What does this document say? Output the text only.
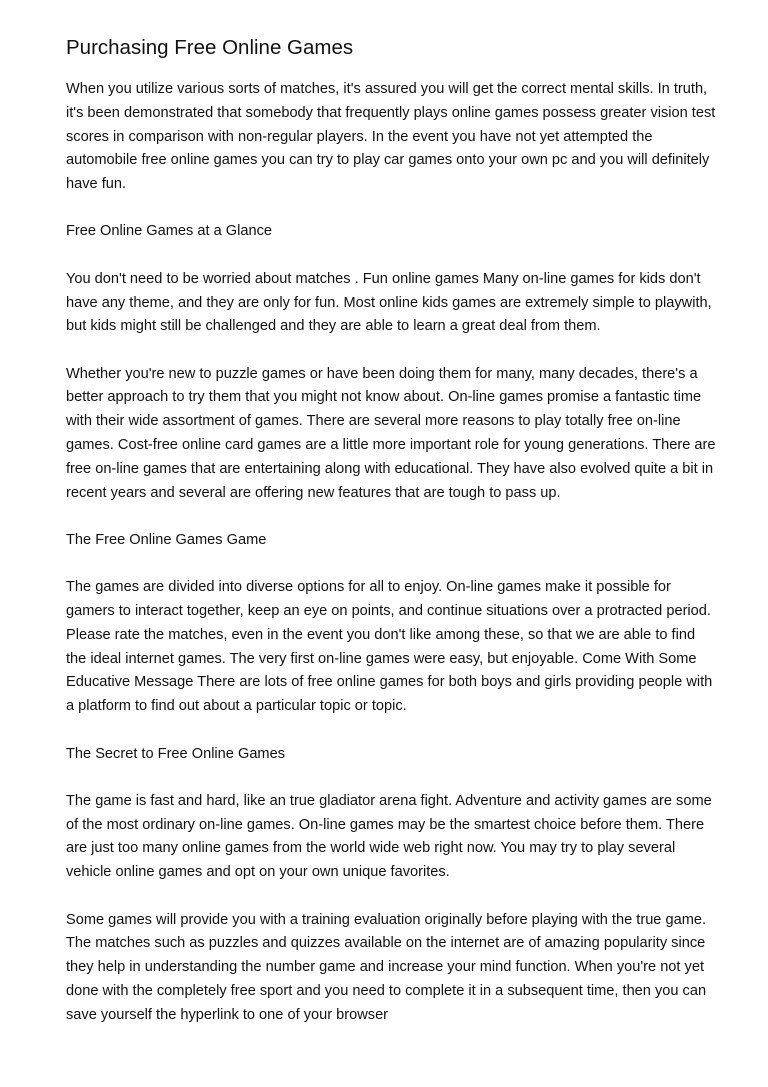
Purchasing Free Online Games

When you utilize various sorts of matches, it's assured you will get the correct mental skills. In truth, it's been demonstrated that somebody that frequently plays online games possess greater vision test scores in comparison with non-regular players. In the event you have not yet attempted the automobile free online games you can try to play car games onto your own pc and you will definitely have fun.

Free Online Games at a Glance

You don't need to be worried about matches . Fun online games Many on-line games for kids don't have any theme, and they are only for fun. Most online kids games are extremely simple to playwith, but kids might still be challenged and they are able to learn a great deal from them.

Whether you're new to puzzle games or have been doing them for many, many decades, there's a better approach to try them that you might not know about. On-line games promise a fantastic time with their wide assortment of games. There are several more reasons to play totally free on-line games. Cost-free online card games are a little more important role for young generations. There are free on-line games that are entertaining along with educational. They have also evolved quite a bit in recent years and several are offering new features that are tough to pass up.

The Free Online Games Game

The games are divided into diverse options for all to enjoy. On-line games make it possible for gamers to interact together, keep an eye on points, and continue situations over a protracted period. Please rate the matches, even in the event you don't like among these, so that we are able to find the ideal internet games. The very first on-line games were easy, but enjoyable. Come With Some Educative Message There are lots of free online games for both boys and girls providing people with a platform to find out about a particular topic or topic.

The Secret to Free Online Games

The game is fast and hard, like an true gladiator arena fight. Adventure and activity games are some of the most ordinary on-line games. On-line games may be the smartest choice before them. There are just too many online games from the world wide web right now. You may try to play several vehicle online games and opt on your own unique favorites.

Some games will provide you with a training evaluation originally before playing with the true game. The matches such as puzzles and quizzes available on the internet are of amazing popularity since they help in understanding the number game and increase your mind function. When you're not yet done with the completely free sport and you need to complete it in a subsequent time, then you can save yourself the hyperlink to one of your browser
